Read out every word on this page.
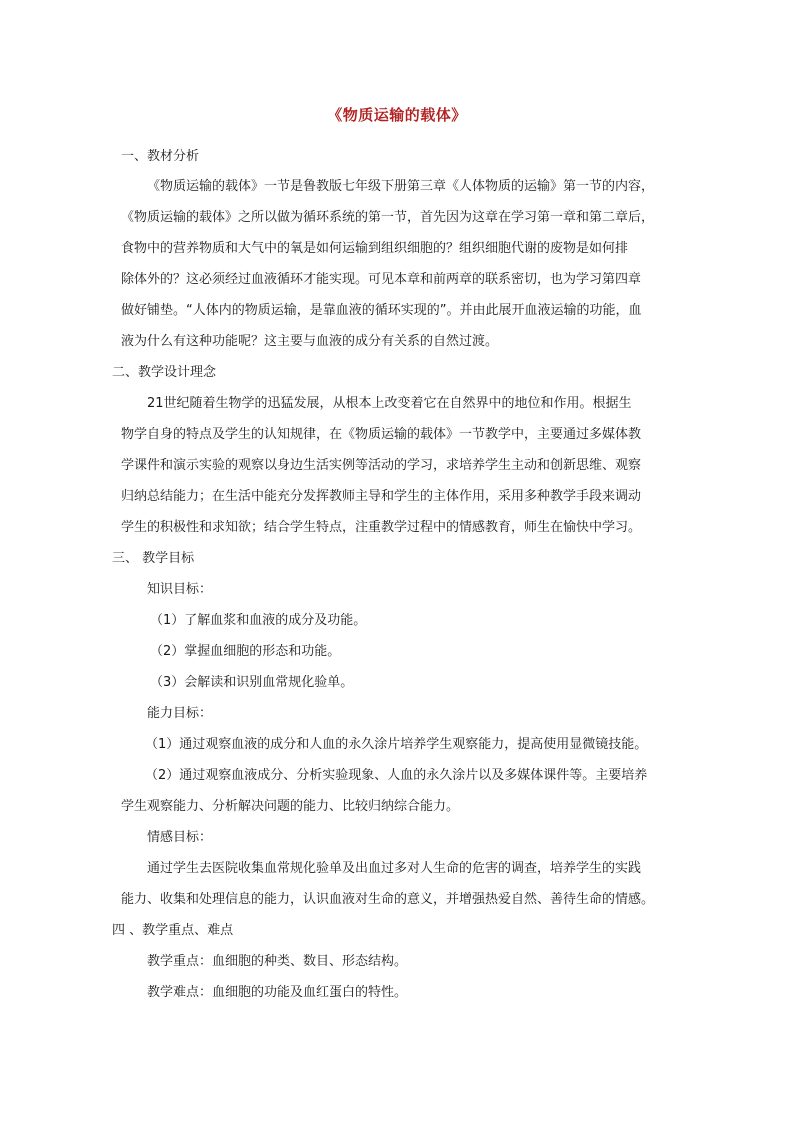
《物质运输的载体》
一、教材分析
《物质运输的载体》一节是鲁教版七年级下册第三章《人体物质的运输》第一节的内容，
《物质运输的载体》之所以做为循环系统的第一节，首先因为这章在学习第一章和第二章后，
食物中的营养物质和大气中的氧是如何运输到组织细胞的？组织细胞代谢的废物是如何排
除体外的？这必须经过血液循环才能实现。可见本章和前两章的联系密切，也为学习第四章
做好铺垫。“人体内的物质运输，是靠血液的循环实现的”。并由此展开血液运输的功能，血
液为什么有这种功能呢？这主要与血液的成分有关系的自然过渡。
二、教学设计理念
21世纪随着生物学的迅猛发展，从根本上改变着它在自然界中的地位和作用。根据生
物学自身的特点及学生的认知规律，在《物质运输的载体》一节教学中，主要通过多媒体教
学课件和演示实验的观察以身边生活实例等活动的学习，求培养学生主动和创新思维、观察
归纳总结能力；在生活中能充分发挥教师主导和学生的主体作用，采用多种教学手段来调动
学生的积极性和求知欲；结合学生特点，注重教学过程中的情感教育，师生在愉快中学习。
三、 教学目标
知识目标：
（1）了解血浆和血液的成分及功能。
（2）掌握血细胞的形态和功能。
（3）会解读和识别血常规化验单。
能力目标：
（1）通过观察血液的成分和人血的永久涂片培养学生观察能力，提高使用显微镜技能。
（2）通过观察血液成分、分析实验现象、人血的永久涂片以及多媒体课件等。主要培养
学生观察能力、分析解决问题的能力、比较归纳综合能力。
情感目标：
通过学生去医院收集血常规化验单及出血过多对人生命的危害的调查，培养学生的实践
能力、收集和处理信息的能力，认识血液对生命的意义，并增强热爱自然、善待生命的情感。
四 、教学重点、难点
教学重点：血细胞的种类、数目、形态结构。
教学难点：血细胞的功能及血红蛋白的特性。
